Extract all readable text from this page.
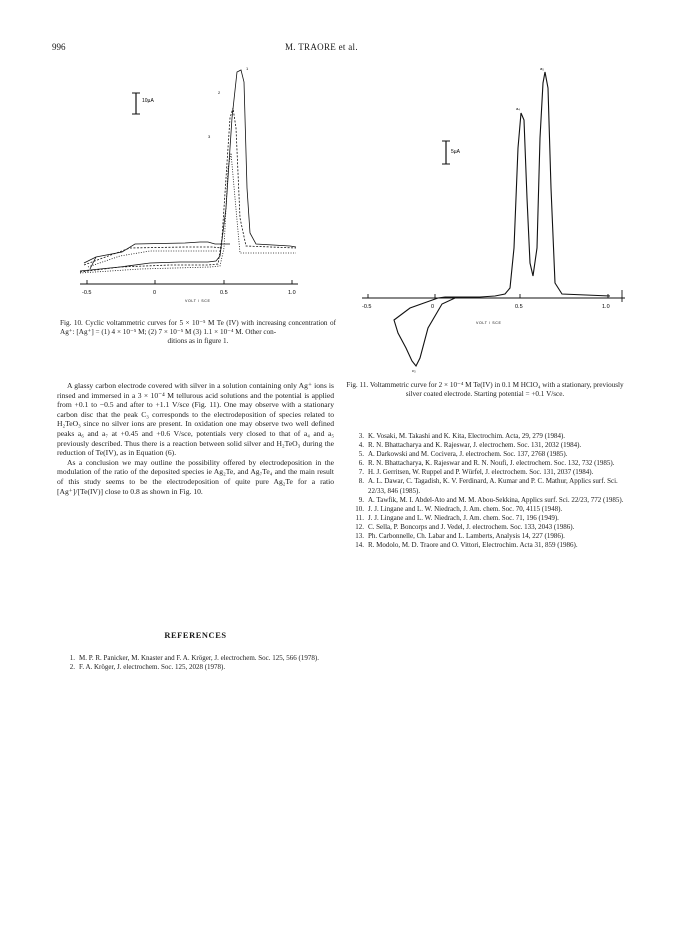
996	M. TRAORE et al.
10µA
1
2
3
-0.5	0	0.5	1.0
VOLT / SCE
Fig. 10. Cyclic voltammetric curves for 5 × 10⁻⁵ M Te (IV) with increasing concentration of Ag⁺: [Ag⁺] = (1) 4 × 10⁻⁵ M; (2) 7 × 10⁻⁵ M (3) 1.1 × 10⁻⁴ M. Other con-
ditions as in figure 1.
5µA
a₄
a₅
c₃
-0.5	0	0.5	1.0
VOLT / SCE
Fig. 11. Voltammetric curve for 2 × 10⁻⁴ M Te(IV) in 0.1 M HClO₄ with a stationary, previously silver coated electrode. Starting potential = +0.1 V/sce.

A glassy carbon electrode covered with silver in a solution containing only Ag⁺ ions is rinsed and immersed in a 3 × 10⁻⁴ M tellurous acid solutions and the potential is applied from +0.1 to −0.5 and after to +1.1 V/sce (Fig. 11). One may observe with a stationary carbon disc that the peak C₃ corresponds to the electrodeposition of species related to H₂TeO₃ since no silver ions are present. In oxidation one may observe two well defined peaks a₆ and a₇ at +0.45 and +0.6 V/sce, potentials very closed to that of a₄ and a₅ previously described. Thus there is a reaction between solid silver and H₂TeO₃ during the reduction of Te(IV), as in Equation (6).

As a conclusion we may outline the possibility offered by electrodeposition in the modulation of the ratio of the deposited species ie Ag₂Te, and Ag₇Te₄ and the main result of this study seems to be the electrodeposition of quite pure Ag₂Te for a ratio [Ag⁺]/[Te(IV)] close to 0.8 as shown in Fig. 10.

REFERENCES
1. M. P. R. Panicker, M. Knaster and F. A. Kröger, J. electrochem. Soc. 125, 566 (1978).
2. F. A. Kröger, J. electrochem. Soc. 125, 2028 (1978).
3. K. Vosaki, M. Takashi and K. Kita, Electrochim. Acta, 29, 279 (1984).
4. R. N. Bhattacharya and K. Rajeswar, J. electrochem. Soc. 131, 2032 (1984).
5. A. Darkowski and M. Cocivera, J. electrochem. Soc. 137, 2768 (1985).
6. R. N. Bhattacharya, K. Rajeswar and R. N. Noufi, J. electrochem. Soc. 132, 732 (1985).
7. H. J. Gerritsen, W. Ruppel and P. Würfel, J. electrochem. Soc. 131, 2037 (1984).
8. A. L. Dawar, C. Tagadish, K. V. Ferdinard, A. Kumar and P. C. Mathur, Applics surf. Sci. 22/33, 846 (1985).
9. A. Tawfik, M. I. Abdel-Ato and M. M. Abou-Sekkina, Applics surf. Sci. 22/23, 772 (1985).
10. J. J. Lingane and L. W. Niedrach, J. Am. chem. Soc. 70, 4115 (1948).
11. J. J. Lingane and L. W. Niedrach, J. Am. chem. Soc. 71, 196 (1949).
12. C. Sella, P. Boncorps and J. Vedel, J. electrochem. Soc. 133, 2043 (1986).
13. Ph. Carbonnelle, Ch. Labar and L. Lamberts, Analysis 14, 227 (1986).
14. R. Modolo, M. D. Traore and O. Vittori, Electrochim. Acta 31, 859 (1986).
